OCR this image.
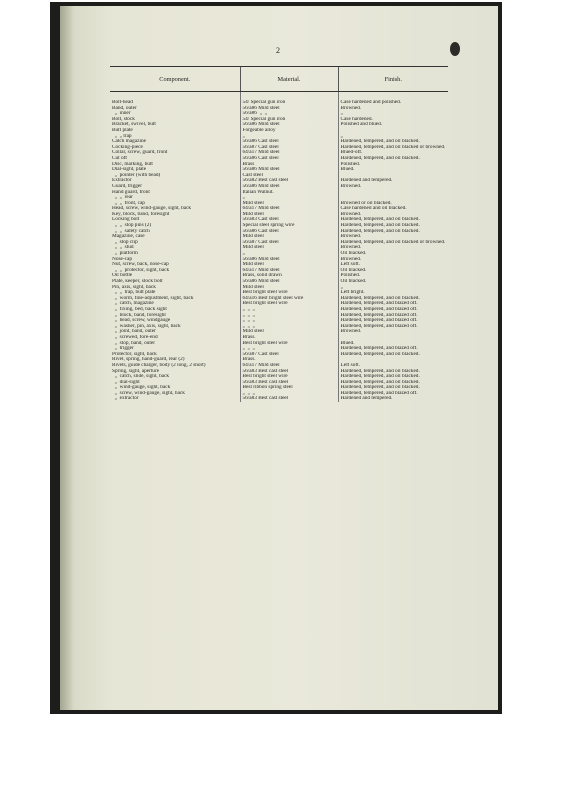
2
Component.	Material.	Finish.

Bolt-head	54/ Special gun iron	Case hardened and polished.
Band, outer	56/a86 Mild steel	Browned.
„  inner	56/a86  „  „	„
Bolt, stock	54/ Special gun iron	Case hardened.
Bracket, swivel, butt	56/a86 Mild steel	Polished and blued.
Butt plate	Forgeable alloy	
„  „ trap	„	„
Catch magazine	56/a86 Cast steel	Hardened, tempered, and oil blacked.
Cocking-piece	56/a87 Cast steel	Hardened, tempered, and oil blacked or browned.
Collar, screw, guard, front	64/a17 Mild steel	Blued-off.
Cut off	56/a86 Cast steel	Hardened, tempered, and oil blacked.
Disc, marking, butt	Brass	Polished.
Dial-sight, plate	56/a86 Mild steel	Blued.
„  pointer (with bead)	Cast steel	
Extractor	56/a82 Best cast steel	Hardened and tempered.
Guard, trigger	56/a86 Mild steel	Browned.
Hand guard, front	Italian Walnut.	
„  „  rear	„	
„  „  front, cap	Mild steel	Browned or oil blacked.
Head, screw, wind-gauge, sight, back	64/a17 Mild steel	Case hardened and oil blacked.
Key, block, band, foresight	Mild steel	Browned.
Locking bolt	56/a83 Cast steel	Hardened, tempered, and oil blacked.
„  „  stop pins (2)	Special steel spring wire	Hardened, tempered, and oil blacked.
„  „  safety catch	56/a86 Cast steel	Hardened, tempered, and oil blacked.
Magazine, case	Mild steel	Browned.
„  stop clip	56/a87 Cast steel	Hardened, tempered, and oil blacked or browned.
„  „  stud	Mild steel	Browned.
„  platform	„	Oil blacked.
Nose-cap	56/a86 Mild steel	Browned.
Nut, screw, back, nose-cap	Mild steel	Left soft.
„  „  protector, sight, back	64/a17 Mild steel	Oil blacked.
Oil bottle	Brass, solid drawn	Polished.
Plate, keeper, stock bolt	56/a86 Mild steel	Oil blacked.
Pin, axis, sight, back	Mild steel	„
„  „  trap, butt plate	Best bright steel wire	Left bright.
„  worm, fine-adjustment, sight, back	64/a16 Best bright steel wire	Hardened, tempered, and oil blacked.
„  catch, magazine	Best bright steel wire	Hardened, tempered, and blazed off.
„  fixing, bed, back sight	„  „  „	Hardened, tempered, and blazed off.
„  block, band, foresight	„  „  „	Hardened, tempered, and blazed off.
„  head, screw, windgauge	„  „  „	Hardened, tempered, and blazed off.
„  washer, pin, axis, sight, back	„  „  „	Hardened, tempered, and blazed off.
„  joint, band, outer	Mild steel	Browned.
„  screwed, fore-end	Brass.	
„  stop, band, outer	Best bright steel wire	Blued.
„  trigger	„  „  „	Hardened, tempered, and blazed off.
Protector, sight, back	56/a87 Cast steel	Hardened, tempered, and oil blacked.
Rivet, spring, hand-guard, rear (2)	Brass.	
Rivets, guide charger, body (2 long, 2 short)	64/a17 Mild steel	Left soft.
Spring, sight, aperture	56/a83 Best cast steel	Hardened, tempered, and oil blacked.
„  catch, slide, sight, back	Best bright steel wire	Hardened, tempered, and oil blacked.
„  dial-sight	56/a83 Best cast steel	Hardened, tempered, and oil blacked.
„  wind-gauge, sight, back	Best ribbon spring steel	Hardened, tempered, and oil blacked.
„  screw, wind-gauge, sight, back	„  „  „	Hardened, tempered, and blazed off.
„  extractor	56/a83 Best cast steel	Hardened and tempered.
